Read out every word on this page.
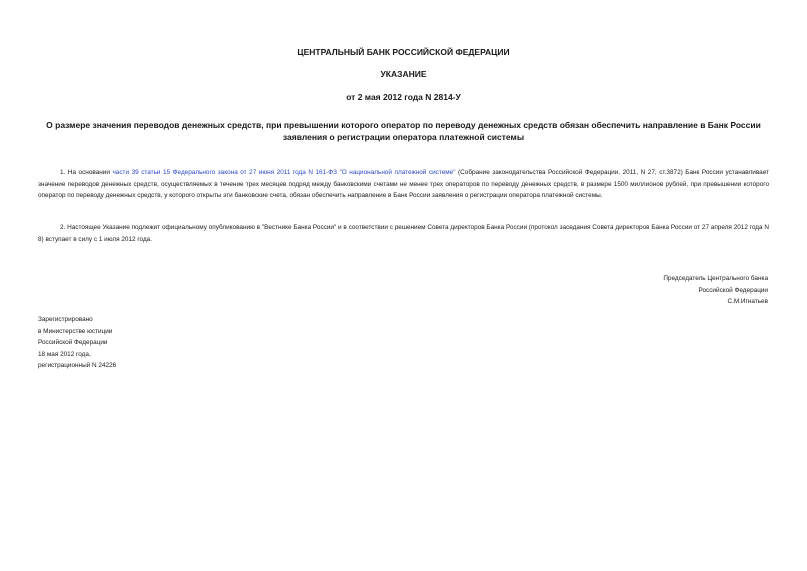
ЦЕНТРАЛЬНЫЙ БАНК РОССИЙСКОЙ ФЕДЕРАЦИИ
УКАЗАНИЕ
от 2 мая 2012 года N 2814-У
О размере значения переводов денежных средств, при превышении которого оператор по переводу денежных средств обязан обеспечить направление в Банк России заявления о регистрации оператора платежной системы
1. На основании части 39 статьи 15 Федерального закона от 27 июня 2011 года N 161-ФЗ "О национальной платежной системе" (Собрание законодательства Российской Федерации, 2011, N 27, ст.3872) Банк России устанавливает значение переводов денежных средств, осуществляемых в течение трех месяцев подряд между банковскими счетами не менее трех операторов по переводу денежных средств, в размере 1500 миллионов рублей, при превышении которого оператор по переводу денежных средств, у которого открыты эти банковские счета, обязан обеспечить направление в Банк России заявления о регистрации оператора платежной системы.
2. Настоящее Указание подлежит официальному опубликованию в "Вестнике Банка России" и в соответствии с решением Совета директоров Банка России (протокол заседания Совета директоров Банка России от 27 апреля 2012 года N 8) вступает в силу с 1 июля 2012 года.
Председатель Центрального банка
Российской Федерации
С.М.Игнатьев
Зарегистрировано
в Министерстве юстиции
Российской Федерации
18 мая 2012 года,
регистрационный N 24226
